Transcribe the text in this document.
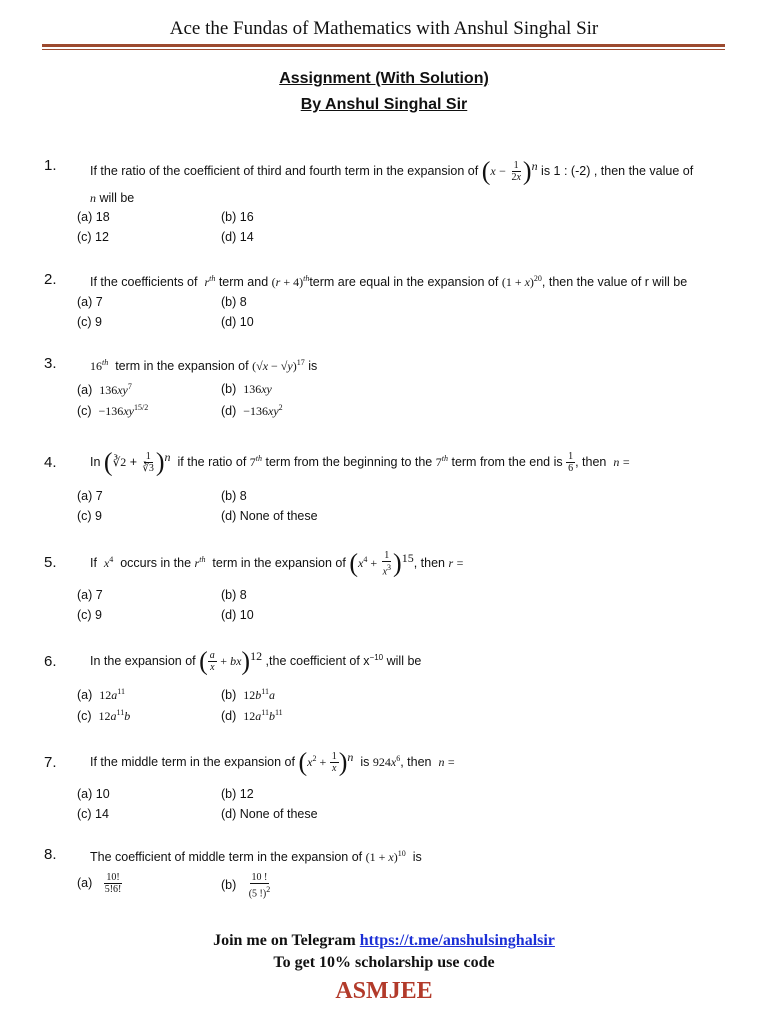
Ace the Fundas of Mathematics with Anshul Singhal Sir
Assignment (With Solution)
By Anshul Singhal Sir
1.	If the ratio of the coefficient of third and fourth term in the expansion of $(x - \frac{1}{2x} )^n$ is 1 : (-2) , then the value of
n will be
(a) 18	(b) 16
(c) 12	(d) 14
2.	If the coefficients of $r^{th}$ term and $(r + 4)^{th}term$ are equal in the expansion of $(1 + x)^{20}$, then the value of r will be
(a) 7	(b) 8
(c) 9	(d) 10
3.	16th term in the expansion of $(√x - √y)^{17}$ is
(a) $136xy^7$	(b) 136xy
$(c) -136xy^{15/2}$	$(d) -136xy^2$
4.	In (∛2 + $\frac{1}{∛3} )^n$ if the ratio of 7th term from the beginning to the 7th term from the end is $\frac{1}{6}$ , then n =
(a) 7	(b) 8
(c) 9	(d) None of these
5.	If $x^4$ occurs in the $r^{th}$ term in the expansion of $(x^4 + \frac{1}{x^3} )^{15}$, then r =
(a) 7	(b) 8
(c) 9	(d) 10
6.	In the expansion of ( $\frac{a}{x} + bx)^{12}$ ,the coefficient of $x^{-10}$ will be
(a) $12a^{11}$	(b) $12b^{11}a$
(c) $12a^{11}b$	(d) $12a^{11}b^{11}$
7.	If the middle term in the expansion of $(x^2 + \frac{1}{x} )^n$ is $924x^6$, then n =
(a) 10	(b) 12
(c) 14	(d) None of these
8.	The coefficient of middle term in the expansion of $(1 + x)^{10}$ is
$(a) \frac{10!}{5!6!}$	$(b) \frac{10 !}{(5 !)^2}$
Join me on Telegram https://t.me/anshulsinghalsir
To get 10% scholarship use code
ASMJEE
